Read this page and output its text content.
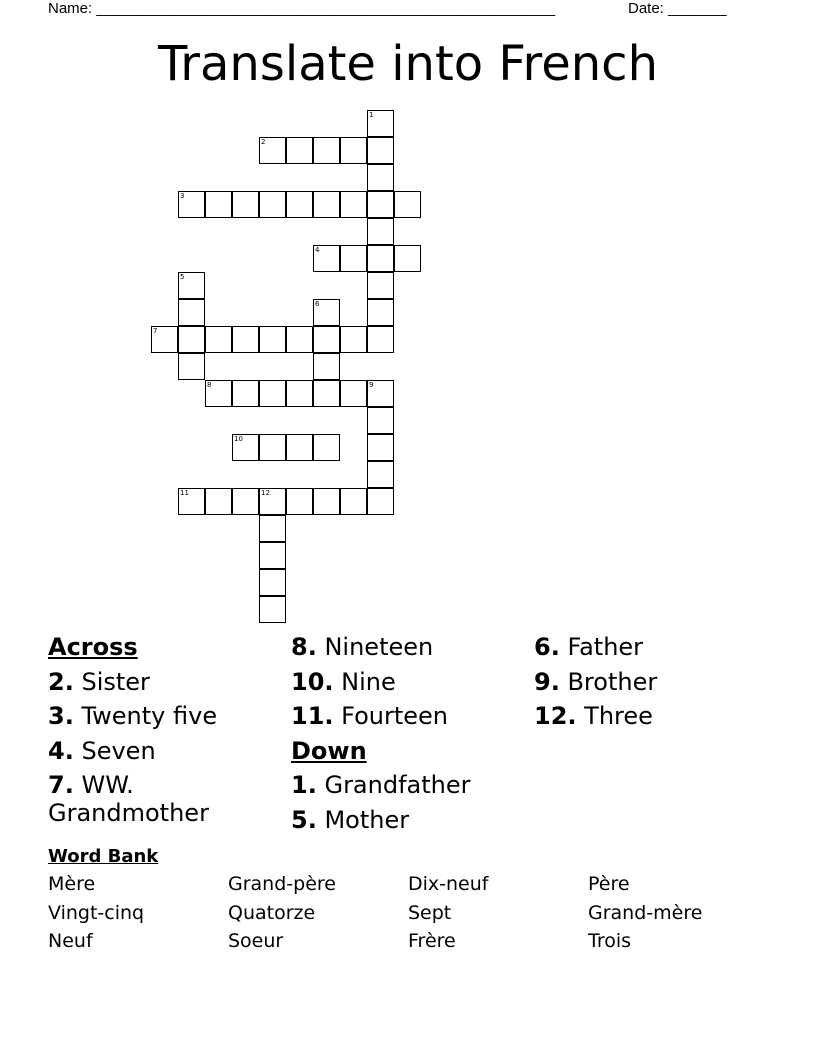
Name: _______________________________________________________	Date: _______
Translate into French
1
2
3
4
5
7
6
8	9
10
11	12

Across

2. Sister

3. Twenty five

4. Seven

7. WW.
Grandmother

8. Nineteen

10. Nine

11. Fourteen

Down

1. Grandfather

5. Mother

6. Father

9. Brother

12. Three

Word Bank
Mère	Grand-père	Dix-neuf	Père
Vingt-cinq	Quatorze	Sept	Grand-mère
Neuf	Soeur	Frère	Trois
